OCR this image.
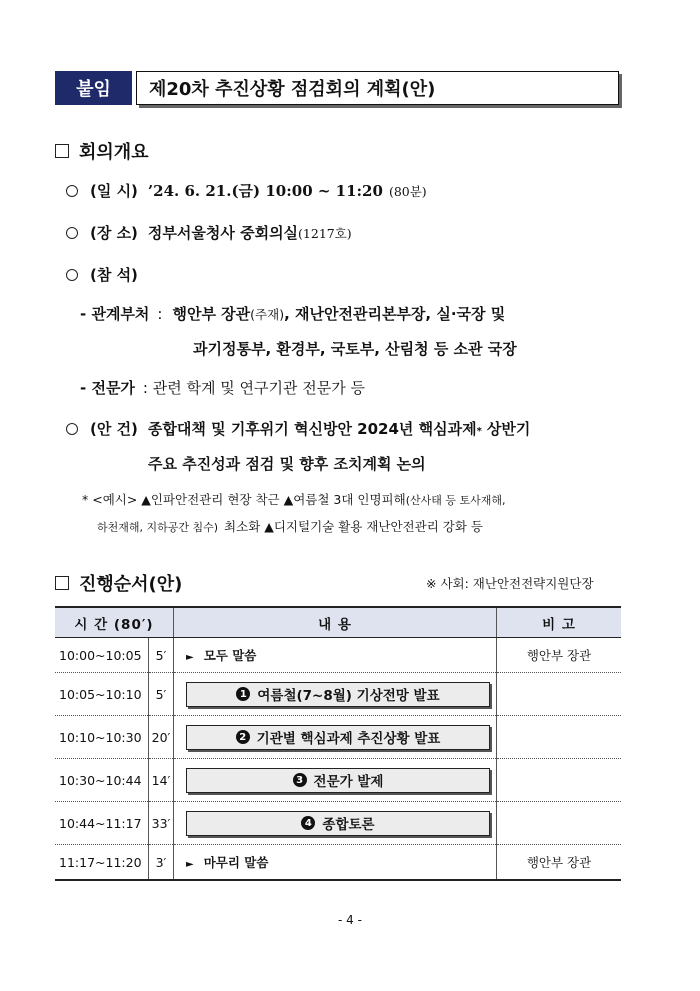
붙임	제20차 추진상황 점검회의 계획(안)
회의개요
(일 시) ’24. 6. 21.(금) 10:00 ~ 11:20 (80분)
(장 소) 정부서울청사 중회의실 (1217호)
(참 석)
- 관계부처 : 행안부 장관 (주재) , 재난안전관리본부장, 실·국장 및
과기정통부, 환경부, 국토부, 산림청 등 소관 국장
- 전문가 : 관련 학계 및 연구기관 전문가 등
(안 건) 종합대책 및 기후위기 혁신방안 2024년 핵심과제$_*$ 상반기
주요 추진성과 점검 및 향후 조치계획 논의
* <예시> ▲인파안전관리 현장 착근 ▲여름철 3대 인명피해(산사태 등 토사재해,
하천재해, 지하공간 침수) 최소화 ▲디지털기술 활용 재난안전관리 강화 등
진행순서(안)	※ 사회: 재난안전전략지원단장
시 간 (80′)		내 용	비 고
10:00~10:05	5′	► 모두 말씀	행안부 장관
10:05~10:10	5′	1 여름철(7~8월) 기상전망 발표	

10:10~10:30	20′	2 기관별 핵심과제 추진상황 발표	

10:30~10:44	14′	3 전문가 발제	

10:44~11:17	33′	4 종합토론	

11:17~11:20	3′	► 마무리 말씀	행안부 장관
- 4 -
